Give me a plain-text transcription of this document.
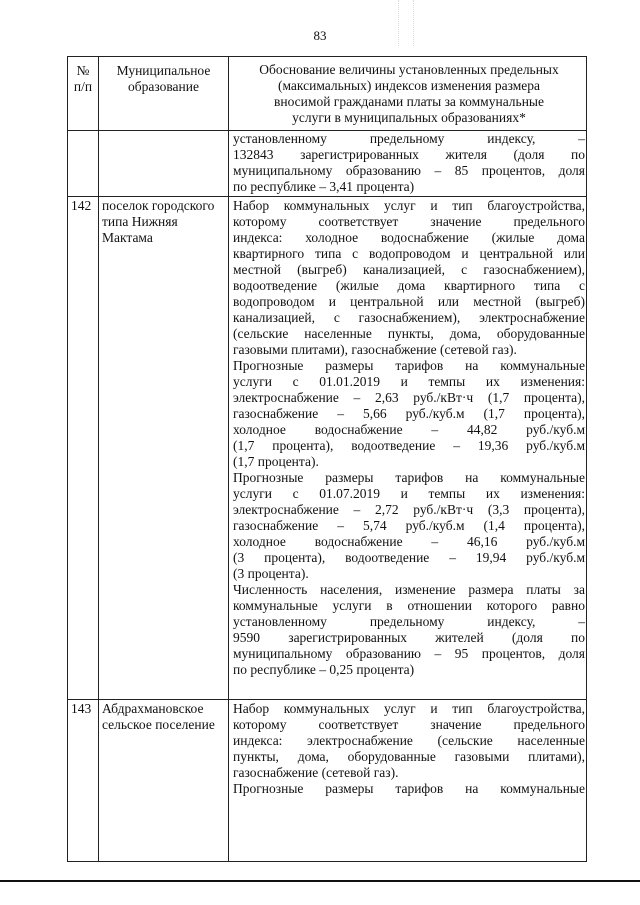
83
№
п/п
Муниципальное
образование
Обоснование величины установленных предельных
(максимальных) индексов изменения размера
вносимой гражданами платы за коммунальные
услуги в муниципальных образованиях*
установленному предельному индексу, –
132843 зарегистрированных жителя (доля по
муниципальному образованию – 85 процентов, доля
по республике – 3,41 процента)
142 поселок городского
типа Нижняя
Мактама
Набор коммунальных услуг и тип благоустройства,
которому соответствует значение предельного
индекса: холодное водоснабжение (жилые дома
квартирного типа с водопроводом и центральной или
местной (выгреб) канализацией, с газоснабжением),
водоотведение (жилые дома квартирного типа с
водопроводом и центральной или местной (выгреб)
канализацией, с газоснабжением), электроснабжение
(сельские населенные пункты, дома, оборудованные
газовыми плитами), газоснабжение (сетевой газ).
Прогнозные размеры тарифов на коммунальные
услуги с 01.01.2019 и темпы их изменения:
электроснабжение – 2,63 руб./кВт·ч (1,7 процента),
газоснабжение – 5,66 руб./куб.м (1,7 процента),
холодное водоснабжение – 44,82 руб./куб.м
(1,7 процента), водоотведение – 19,36 руб./куб.м
(1,7 процента).
Прогнозные размеры тарифов на коммунальные
услуги с 01.07.2019 и темпы их изменения:
электроснабжение – 2,72 руб./кВт·ч (3,3 процента),
газоснабжение – 5,74 руб./куб.м (1,4 процента),
холодное водоснабжение – 46,16 руб./куб.м
(3 процента), водоотведение – 19,94 руб./куб.м
(3 процента).
Численность населения, изменение размера платы за
коммунальные услуги в отношении которого равно
установленному предельному индексу, –
9590 зарегистрированных жителей (доля по
муниципальному образованию – 95 процентов, доля
по республике – 0,25 процента)
143 Абдрахмановское
сельское поселение
Набор коммунальных услуг и тип благоустройства,
которому соответствует значение предельного
индекса: электроснабжение (сельские населенные
пункты, дома, оборудованные газовыми плитами),
газоснабжение (сетевой газ).
Прогнозные размеры тарифов на коммунальные
